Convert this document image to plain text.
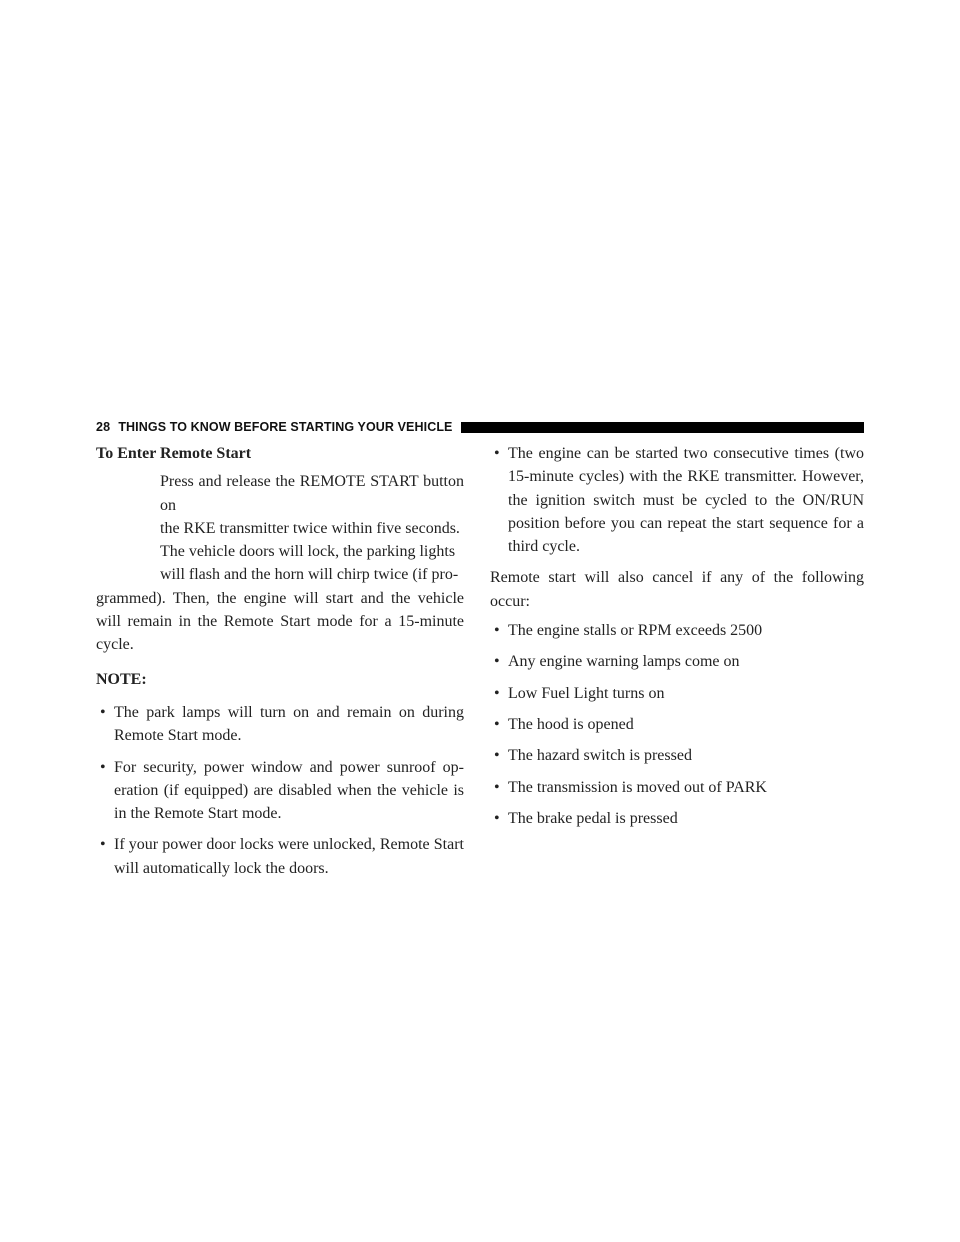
28 THINGS TO KNOW BEFORE STARTING YOUR VEHICLE

To Enter Remote Start

Press and release the REMOTE START button on
the RKE transmitter twice within five seconds.
The vehicle doors will lock, the parking lights
will flash and the horn will chirp twice (if pro-
grammed). Then, the engine will start and the vehicle will remain in the Remote Start mode for a 15-minute cycle.

NOTE:

• The park lamps will turn on and remain on during Remote Start mode.
• For security, power window and power sunroof op- eration (if equipped) are disabled when the vehicle is in the Remote Start mode.
• If your power door locks were unlocked, Remote Start will automatically lock the doors.
• The engine can be started two consecutive times (two 15-minute cycles) with the RKE transmitter. However, the ignition switch must be cycled to the ON/RUN position before you can repeat the start sequence for a third cycle.

Remote start will also cancel if any of the following occur:

• The engine stalls or RPM exceeds 2500
• Any engine warning lamps come on
• Low Fuel Light turns on
• The hood is opened
• The hazard switch is pressed
• The transmission is moved out of PARK
• The brake pedal is pressed
